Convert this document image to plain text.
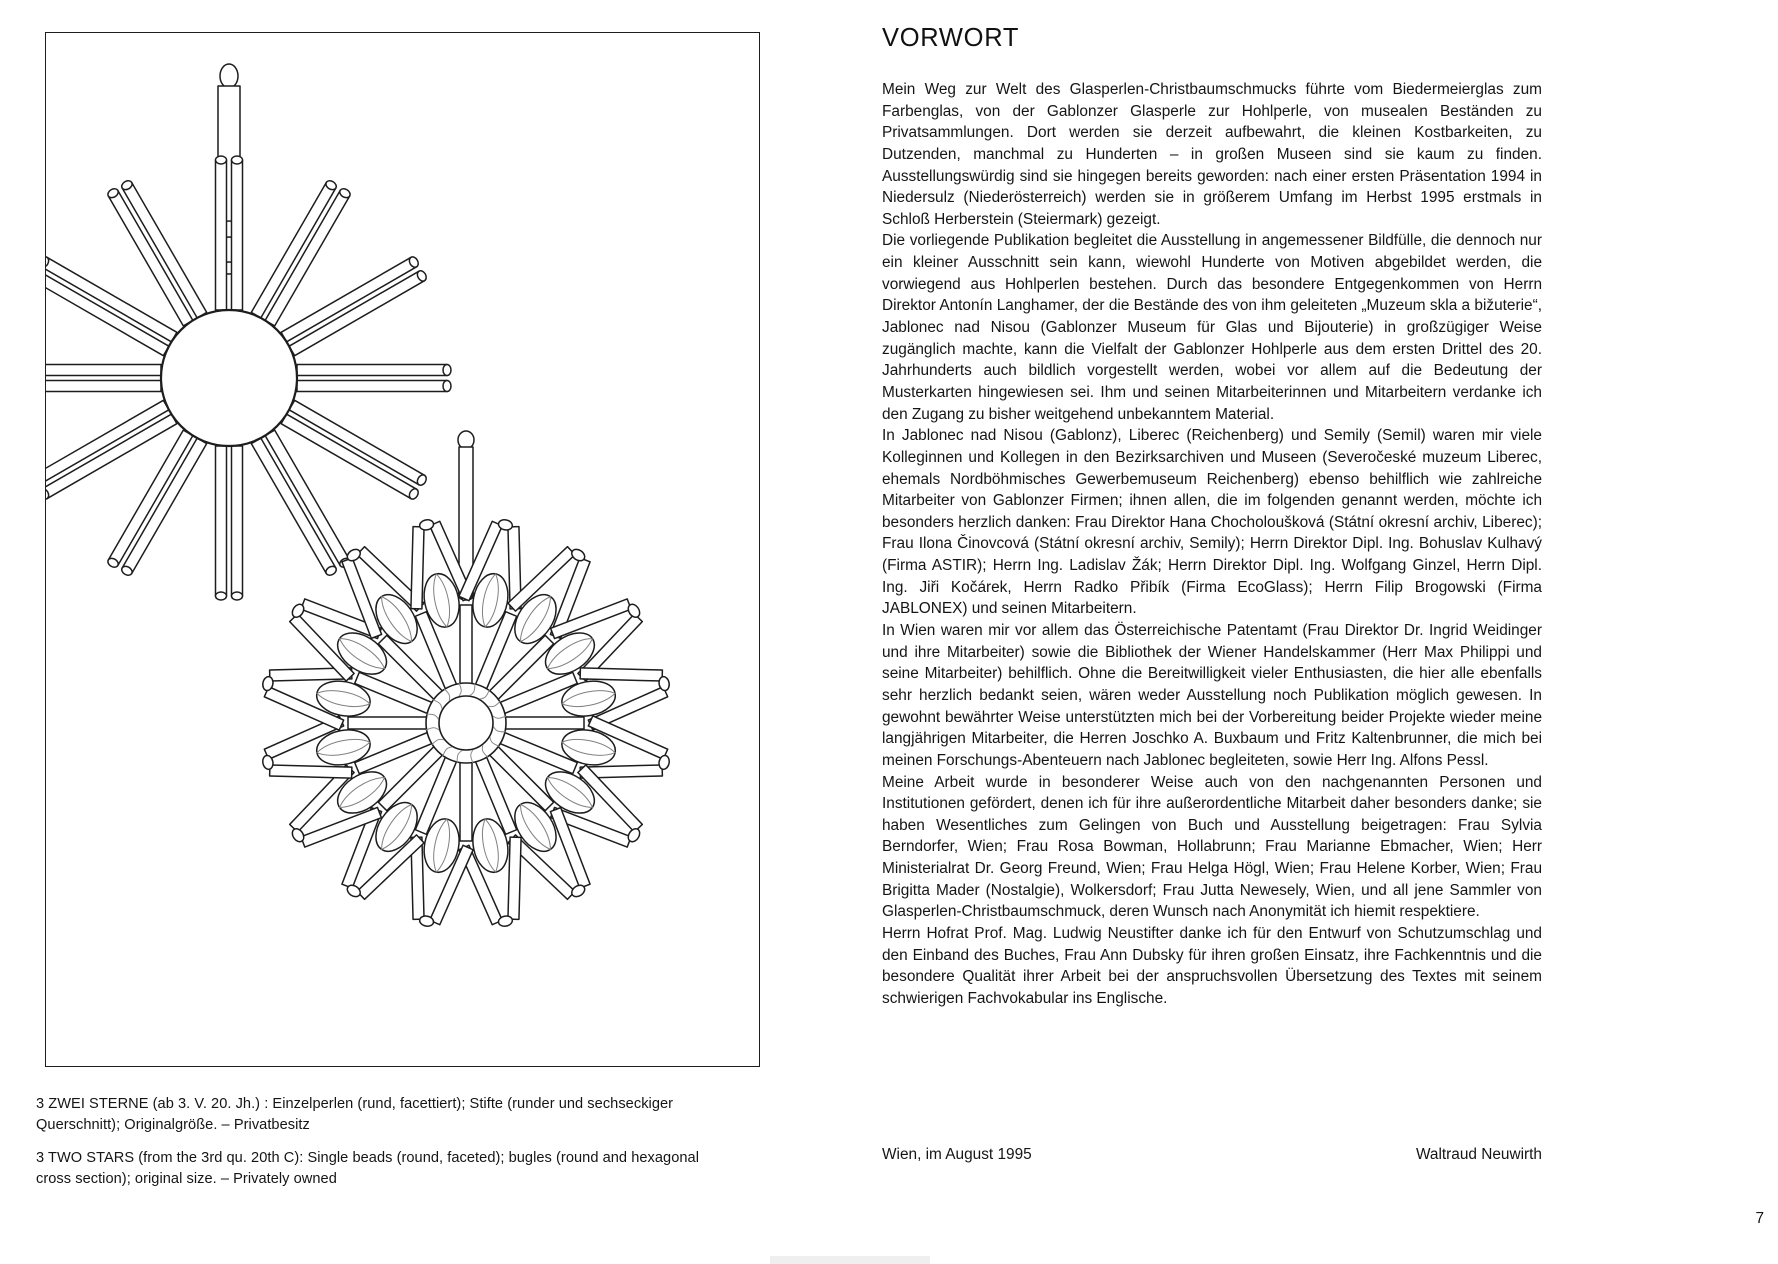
3 ZWEI STERNE (ab 3. V. 20. Jh.) : Einzelperlen (rund, facettiert); Stifte (runder und sechseckiger Querschnitt); Originalgröße. – Privatbesitz

3 TWO STARS (from the 3rd qu. 20th C): Single beads (round, faceted); bugles (round and hexagonal cross section); original size. – Privately owned

VORWORT

Mein Weg zur Welt des Glasperlen-Christbaumschmucks führte vom Biedermeierglas zum Farbenglas, von der Gablonzer Glasperle zur Hohlperle, von musealen Beständen zu Privatsammlungen. Dort werden sie derzeit aufbewahrt, die kleinen Kostbarkeiten, zu Dutzenden, manchmal zu Hunderten – in großen Museen sind sie kaum zu finden. Ausstellungswürdig sind sie hingegen bereits geworden: nach einer ersten Präsentation 1994 in Niedersulz (Niederösterreich) werden sie in größerem Umfang im Herbst 1995 erstmals in Schloß Herberstein (Steiermark) gezeigt.

Die vorliegende Publikation begleitet die Ausstellung in angemessener Bildfülle, die dennoch nur ein kleiner Ausschnitt sein kann, wiewohl Hunderte von Motiven abgebildet werden, die vorwiegend aus Hohlperlen bestehen. Durch das besondere Entgegenkommen von Herrn Direktor Antonín Langhamer, der die Bestände des von ihm geleiteten „Muzeum skla a bižuterie“, Jablonec nad Nisou (Gablonzer Museum für Glas und Bijouterie) in großzügiger Weise zugänglich machte, kann die Vielfalt der Gablonzer Hohlperle aus dem ersten Drittel des 20. Jahrhunderts auch bildlich vorgestellt werden, wobei vor allem auf die Bedeutung der Musterkarten hingewiesen sei. Ihm und seinen Mitarbeiterinnen und Mitarbeitern verdanke ich den Zugang zu bisher weitgehend unbekanntem Material.

In Jablonec nad Nisou (Gablonz), Liberec (Reichenberg) und Semily (Semil) waren mir viele Kolleginnen und Kollegen in den Bezirksarchiven und Museen (Severočeské muzeum Liberec, ehemals Nordböhmisches Gewerbemuseum Reichenberg) ebenso behilflich wie zahlreiche Mitarbeiter von Gablonzer Firmen; ihnen allen, die im folgenden genannt werden, möchte ich besonders herzlich danken: Frau Direktor Hana Chocholoušková (Státní okresní archiv, Liberec); Frau Ilona Činovcová (Státní okresní archiv, Semily); Herrn Direktor Dipl. Ing. Bohuslav Kulhavý (Firma ASTIR); Herrn Ing. Ladislav Žák; Herrn Direktor Dipl. Ing. Wolfgang Ginzel, Herrn Dipl. Ing. Jiři Kočárek, Herrn Radko Přibík (Firma EcoGlass); Herrn Filip Brogowski (Firma JABLONEX) und seinen Mitarbeitern.

In Wien waren mir vor allem das Österreichische Patentamt (Frau Direktor Dr. Ingrid Weidinger und ihre Mitarbeiter) sowie die Bibliothek der Wiener Handelskammer (Herr Max Philippi und seine Mitarbeiter) behilflich. Ohne die Bereitwilligkeit vieler Enthusiasten, die hier alle ebenfalls sehr herzlich bedankt seien, wären weder Ausstellung noch Publikation möglich gewesen. In gewohnt bewährter Weise unterstützten mich bei der Vorbereitung beider Projekte wieder meine langjährigen Mitarbeiter, die Herren Joschko A. Buxbaum und Fritz Kaltenbrunner, die mich bei meinen Forschungs-Abenteuern nach Jablonec begleiteten, sowie Herr Ing. Alfons Pessl.

Meine Arbeit wurde in besonderer Weise auch von den nachgenannten Personen und Institutionen gefördert, denen ich für ihre außerordentliche Mitarbeit daher besonders danke; sie haben Wesentliches zum Gelingen von Buch und Ausstellung beigetragen: Frau Sylvia Berndorfer, Wien; Frau Rosa Bowman, Hollabrunn; Frau Marianne Ebmacher, Wien; Herr Ministerialrat Dr. Georg Freund, Wien; Frau Helga Högl, Wien; Frau Helene Korber, Wien; Frau Brigitta Mader (Nostalgie), Wolkersdorf; Frau Jutta Newesely, Wien, und all jene Sammler von Glasperlen-Christbaumschmuck, deren Wunsch nach Anonymität ich hiemit respektiere.

Herrn Hofrat Prof. Mag. Ludwig Neustifter danke ich für den Entwurf von Schutzumschlag und den Einband des Buches, Frau Ann Dubsky für ihren großen Einsatz, ihre Fachkenntnis und die besondere Qualität ihrer Arbeit bei der anspruchsvollen Übersetzung des Textes mit seinem schwierigen Fachvokabular ins Englische.

Wien, im August 1995	Waltraud Neuwirth
7
